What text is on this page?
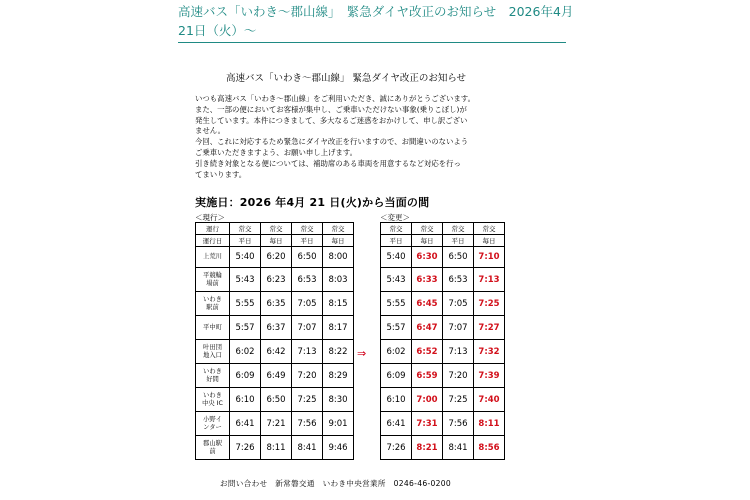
高速バス「いわき～郡山線」　緊急ダイヤ改正のお知らせ　2026年4月21日（火）～
高速バス「いわき～郡山線」 緊急ダイヤ改正のお知らせ
いつも高速バス「いわき～郡山線」をご利用いただき、誠にありがとうございます。
また、一部の便においてお客様が集中し、ご乗車いただけない事象(乗りこぼし)が
発生しています。本件につきまして、多大なるご迷惑をおかけして、申し訳ござい
ません。
今回、これに対応するため緊急にダイヤ改正を行いますので、お間違いのないよう
ご乗車いただきますよう、お願い申し上げます。
引き続き対象となる便については、補助席のある車両を用意するなど対応を行っ
てまいります。
実施日：2026 年4月 21 日(火)から当面の間
＜現行＞	＜変更＞
運行	常交	常交	常交	常交
運行日	平日	毎日	平日	毎日
上荒川	5:40	6:20	6:50	8:00
平競輪
場前	5:43	6:23	6:53	8:03
いわき
駅前	5:55	6:35	7:05	8:15
平中町	5:57	6:37	7:07	8:17
叶田団
地入口	6:02	6:42	7:13	8:22
いわき
好間	6:09	6:49	7:20	8:29
いわき
中央 IC	6:10	6:50	7:25	8:30
小野イ
ンター	6:41	7:21	7:56	9:01
郡山駅
前	7:26	8:11	8:41	9:46
⇒
常交	常交	常交	常交
平日	毎日	平日	毎日
5:40	6:30	6:50	7:10
5:43	6:33	6:53	7:13
5:55	6:45	7:05	7:25
5:57	6:47	7:07	7:27
6:02	6:52	7:13	7:32
6:09	6:59	7:20	7:39
6:10	7:00	7:25	7:40
6:41	7:31	7:56	8:11
7:26	8:21	8:41	8:56
お問い合わせ　新常磐交通　いわき中央営業所　0246-46-0200
